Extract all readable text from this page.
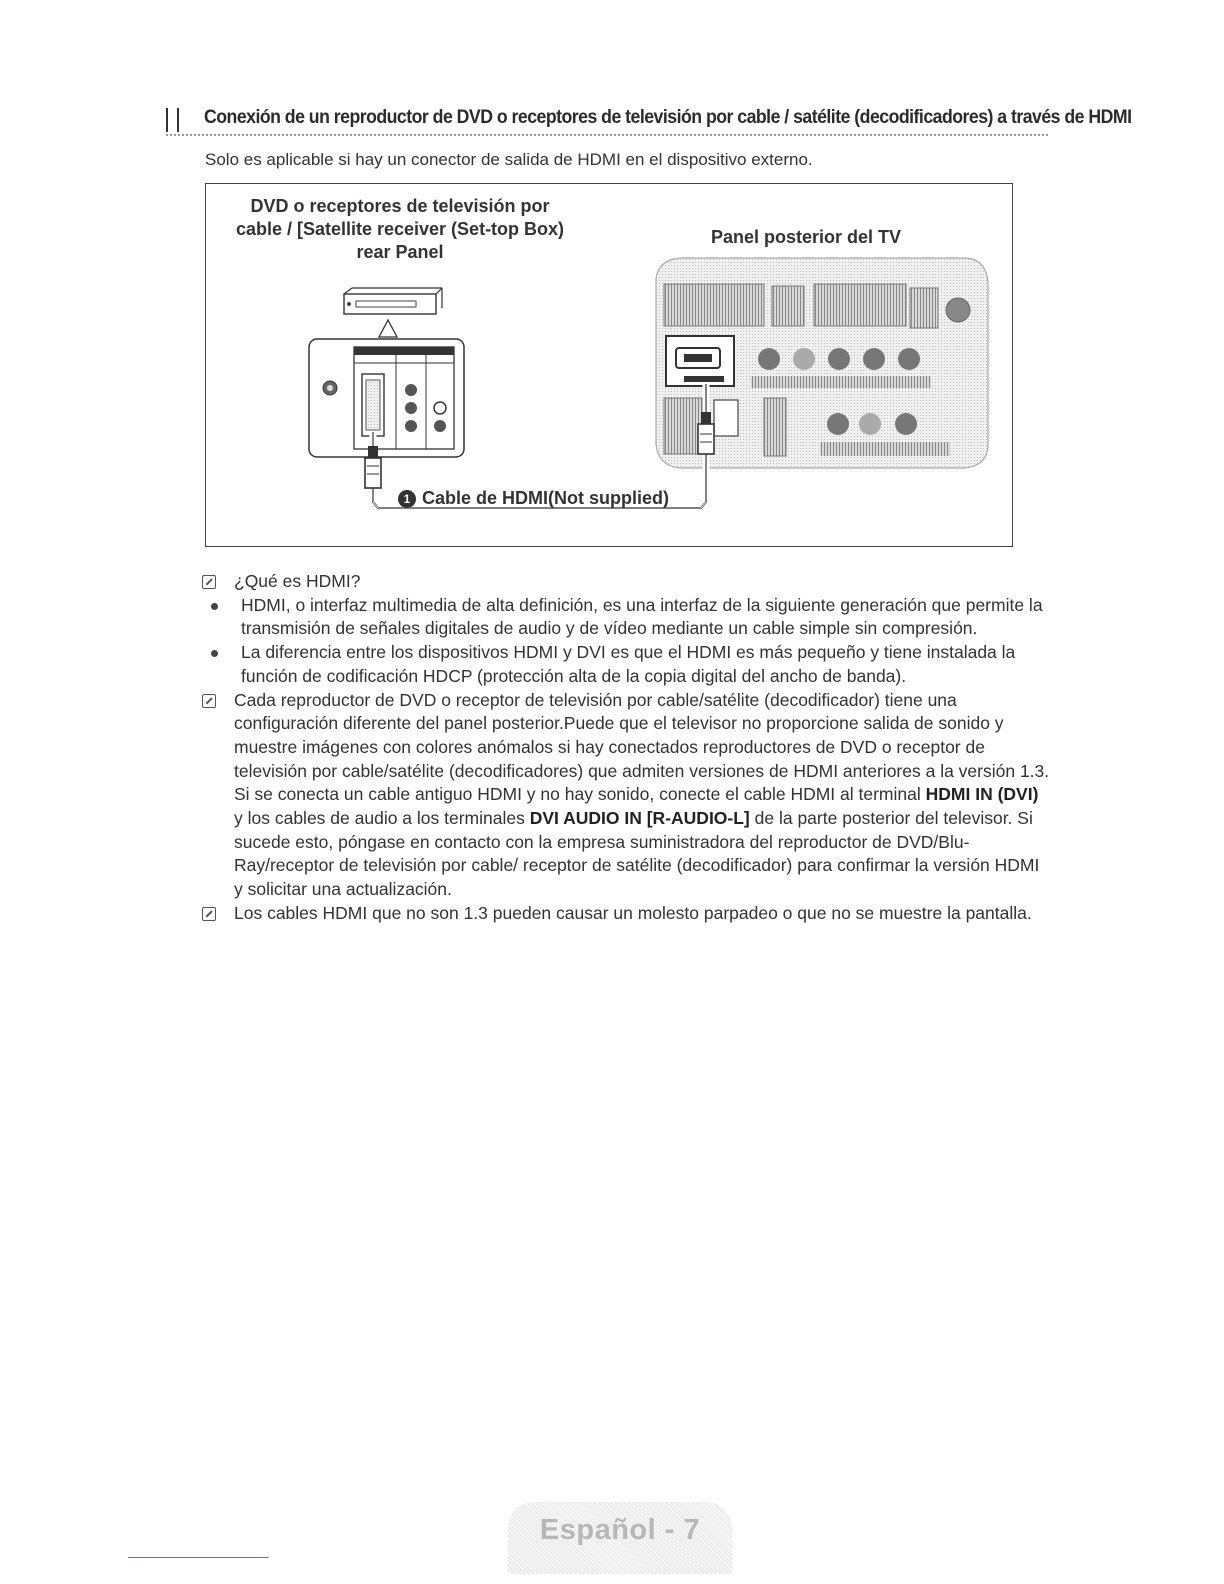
Conexión de un reproductor de DVD o receptores de televisión por cable / satélite (decodificadores) a través de HDMI
Solo es aplicable si hay un conector de salida de HDMI en el dispositivo externo.
DVD o receptores de televisión por
cable / [Satellite receiver (Set-top Box)
rear Panel
Panel posterior del TV
1 Cable de HDMI(Not supplied)
¿Qué es HDMI?
HDMI, o interfaz multimedia de alta definición, es una interfaz de la siguiente generación que permite la transmisión de señales digitales de audio y de vídeo mediante un cable simple sin compresión.
La diferencia entre los dispositivos HDMI y DVI es que el HDMI es más pequeño y tiene instalada la función de codificación HDCP (protección alta de la copia digital del ancho de banda).
Cada reproductor de DVD o receptor de televisión por cable/satélite (decodificador) tiene una configuración diferente del panel posterior.Puede que el televisor no proporcione salida de sonido y muestre imágenes con colores anómalos si hay conectados reproductores de DVD o receptor de televisión por cable/satélite (decodificadores) que admiten versiones de HDMI anteriores a la versión 1.3. Si se conecta un cable antiguo HDMI y no hay sonido, conecte el cable HDMI al terminal HDMI IN (DVI) y los cables de audio a los terminales DVI AUDIO IN [R-AUDIO-L] de la parte posterior del televisor. Si sucede esto, póngase en contacto con la empresa suministradora del reproductor de DVD/Blu-Ray/receptor de televisión por cable/ receptor de satélite (decodificador) para confirmar la versión HDMI y solicitar una actualización.
Los cables HDMI que no son 1.3 pueden causar un molesto parpadeo o que no se muestre la pantalla.
Español - 7
